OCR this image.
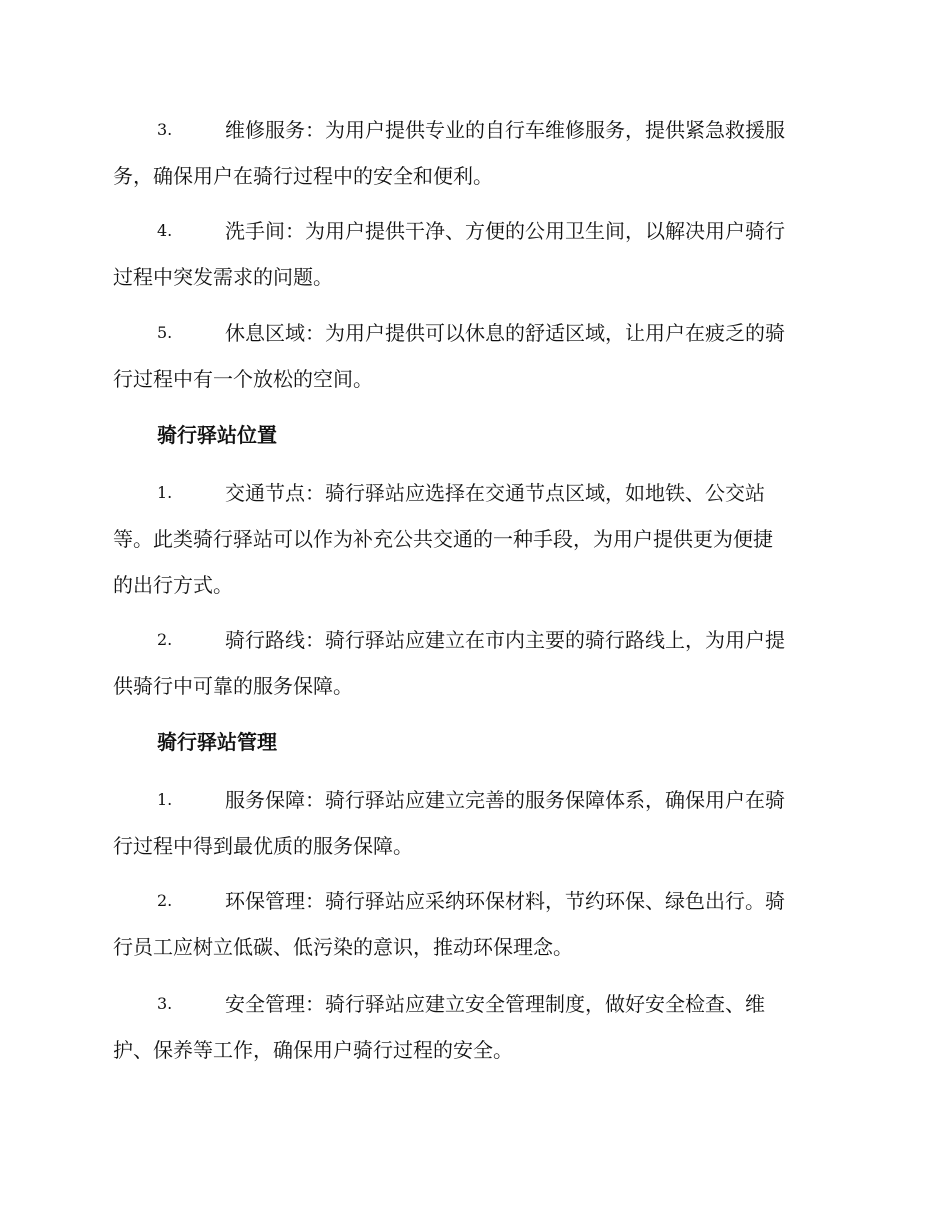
3.	维修服务：为用户提供专业的自行车维修服务，提供紧急救援服
务，确保用户在骑行过程中的安全和便利。
4.	洗手间：为用户提供干净、方便的公用卫生间，以解决用户骑行
过程中突发需求的问题。
5.	休息区域：为用户提供可以休息的舒适区域，让用户在疲乏的骑
行过程中有一个放松的空间。
骑行驿站位置
1.	交通节点：骑行驿站应选择在交通节点区域，如地铁、公交站
等。此类骑行驿站可以作为补充公共交通的一种手段，为用户提供更为便捷
的出行方式。
2.	骑行路线：骑行驿站应建立在市内主要的骑行路线上，为用户提
供骑行中可靠的服务保障。
骑行驿站管理
1.	服务保障：骑行驿站应建立完善的服务保障体系，确保用户在骑
行过程中得到最优质的服务保障。
2.	环保管理：骑行驿站应采纳环保材料，节约环保、绿色出行。骑
行员工应树立低碳、低污染的意识，推动环保理念。
3.	安全管理：骑行驿站应建立安全管理制度，做好安全检查、维
护、保养等工作，确保用户骑行过程的安全。
